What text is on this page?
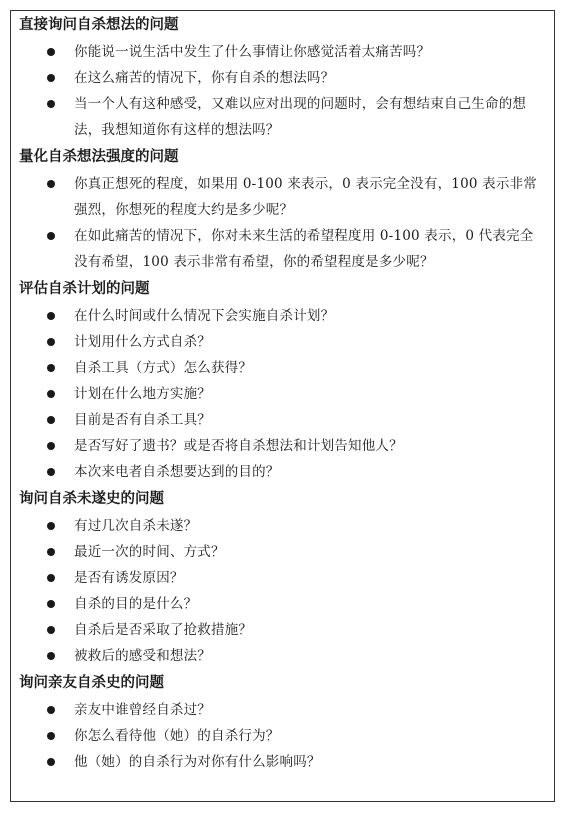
直接询问自杀想法的问题
你能说一说生活中发生了什么事情让你感觉活着太痛苦吗？
在这么痛苦的情况下，你有自杀的想法吗？
当一个人有这种感受，又难以应对出现的问题时，会有想结束自己生命的想法，我想知道你有这样的想法吗？
量化自杀想法强度的问题
你真正想死的程度，如果用 0-100 来表示，0 表示完全没有，100 表示非常强烈，你想死的程度大约是多少呢？
在如此痛苦的情况下，你对未来生活的希望程度用 0-100 表示，0 代表完全没有希望，100 表示非常有希望，你的希望程度是多少呢？
评估自杀计划的问题
在什么时间或什么情况下会实施自杀计划？
计划用什么方式自杀？
自杀工具（方式）怎么获得？
计划在什么地方实施？
目前是否有自杀工具？
是否写好了遗书？或是否将自杀想法和计划告知他人？
本次来电者自杀想要达到的目的？
询问自杀未遂史的问题
有过几次自杀未遂？
最近一次的时间、方式？
是否有诱发原因？
自杀的目的是什么？
自杀后是否采取了抢救措施？
被救后的感受和想法？
询问亲友自杀史的问题
亲友中谁曾经自杀过？
你怎么看待他（她）的自杀行为？
他（她）的自杀行为对你有什么影响吗？
